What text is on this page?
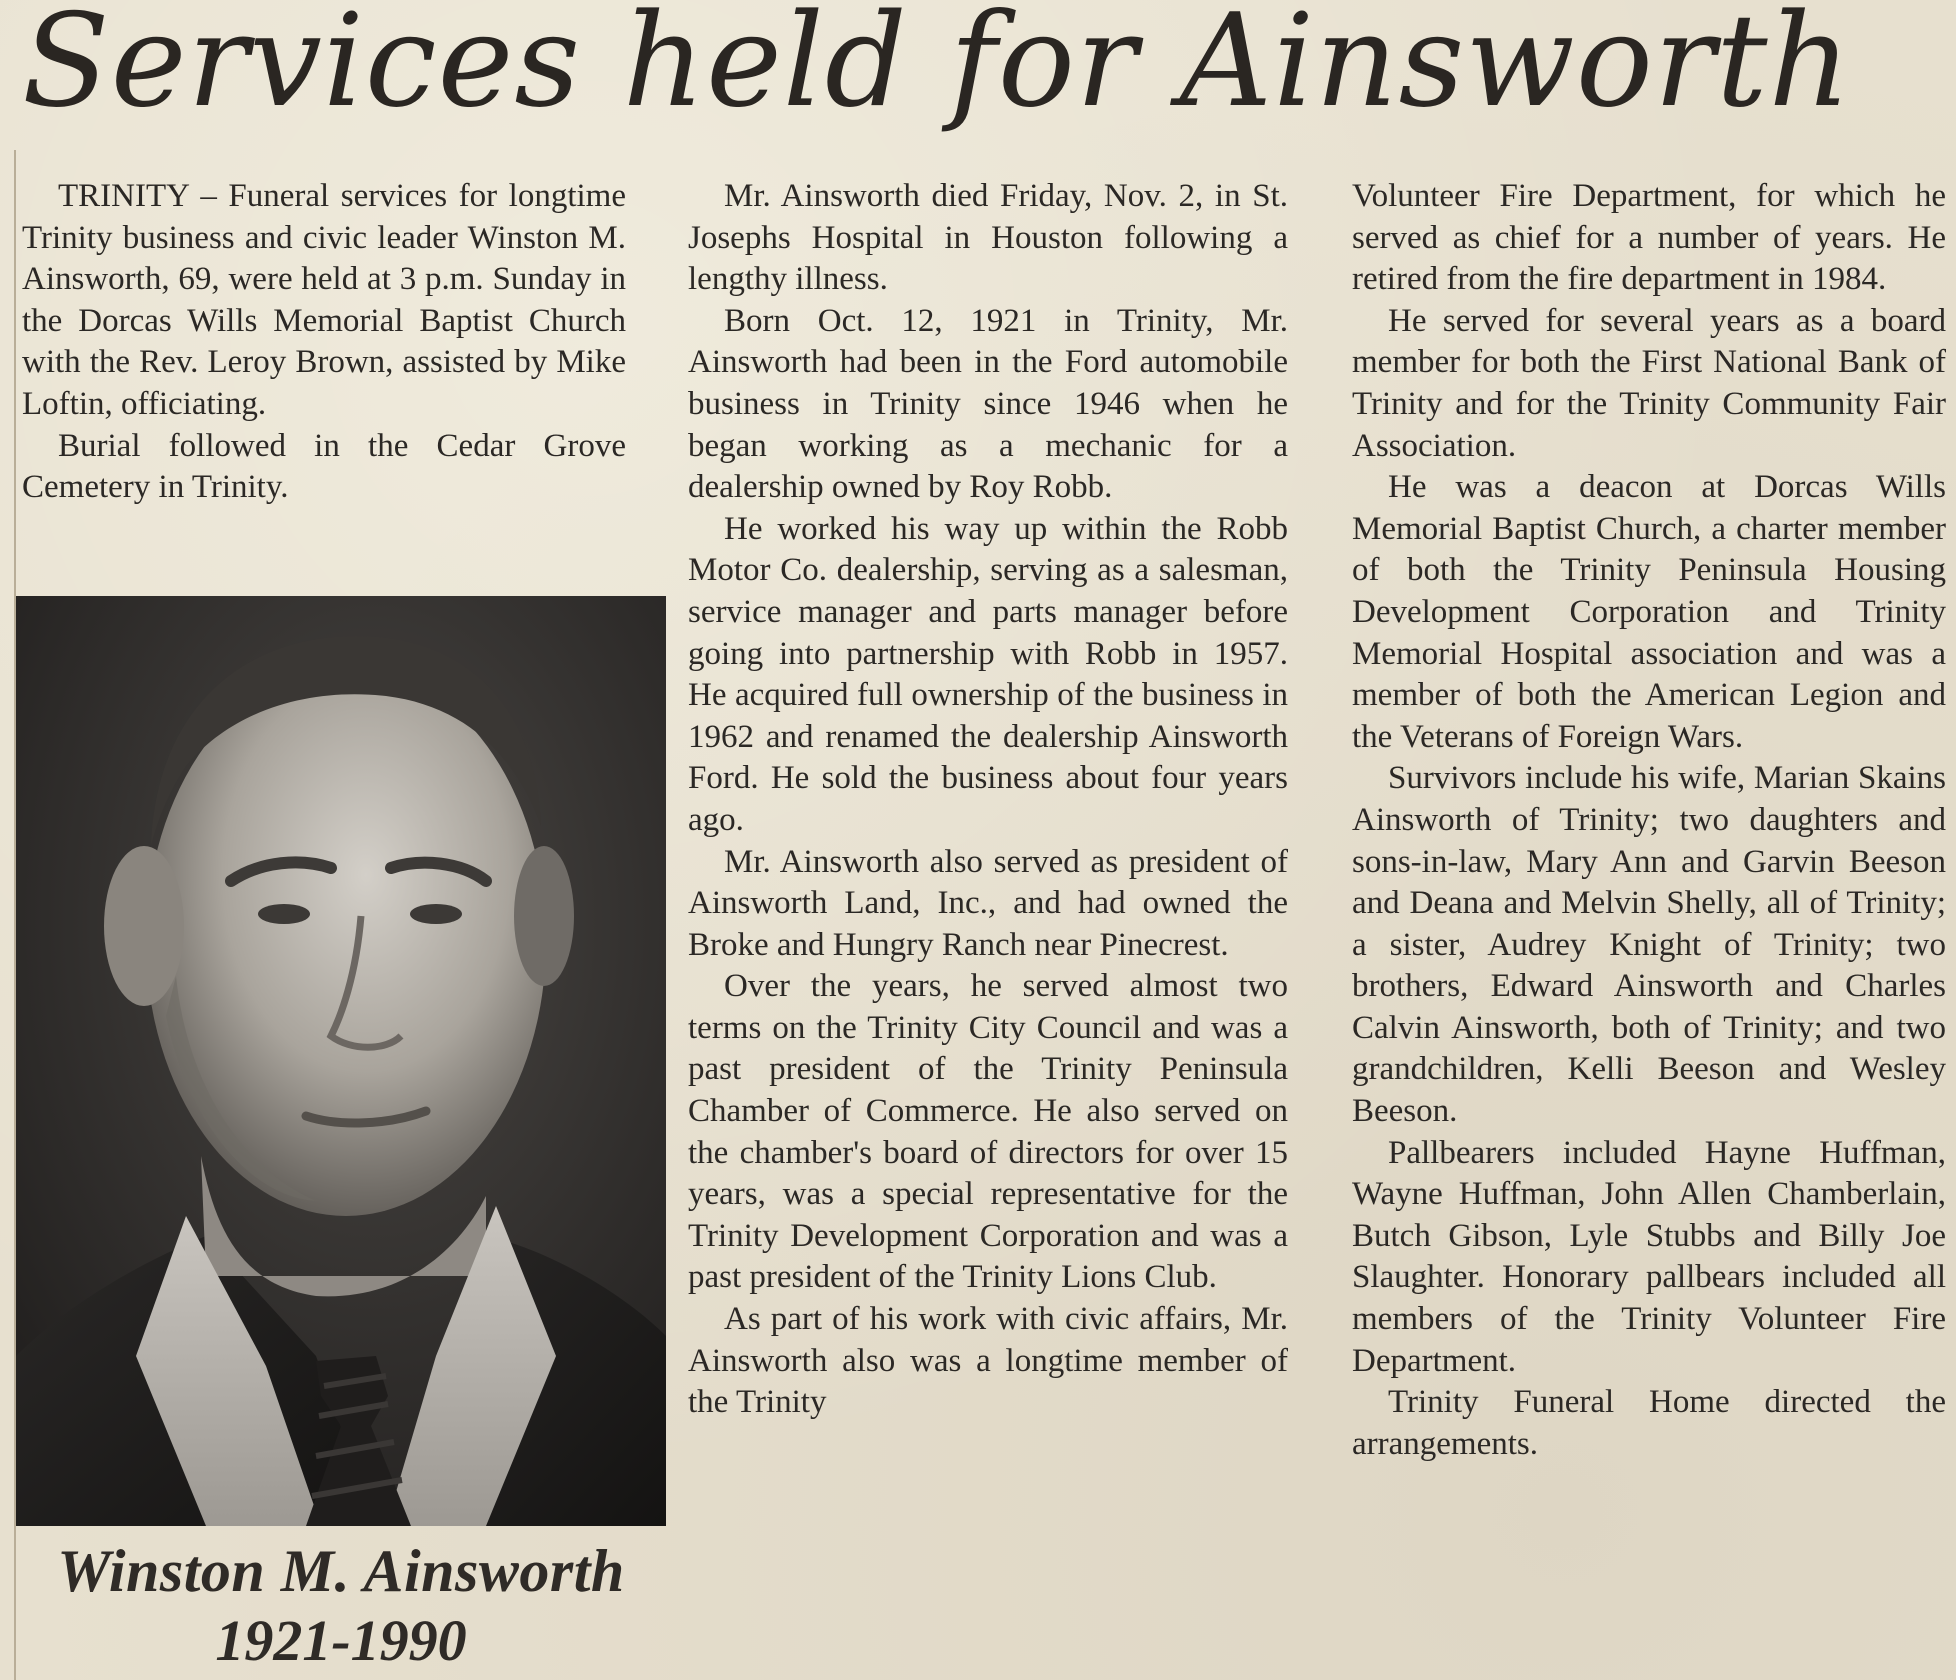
Services held for Ainsworth

TRINITY – Funeral services for longtime Trinity business and civic leader Winston M. Ainsworth, 69, were held at 3 p.m. Sunday in the Dorcas Wills Memorial Baptist Church with the Rev. Leroy Brown, assisted by Mike Loftin, officiating.

Burial followed in the Cedar Grove Cemetery in Trinity.

Winston M. Ainsworth
1921-1990

Mr. Ainsworth died Friday, Nov. 2, in St. Josephs Hospital in Houston following a lengthy illness.

Born Oct. 12, 1921 in Trinity, Mr. Ainsworth had been in the Ford automobile business in Trinity since 1946 when he began working as a mechanic for a dealership owned by Roy Robb.

He worked his way up within the Robb Motor Co. dealership, serving as a salesman, service manager and parts manager before going into partnership with Robb in 1957. He acquired full ownership of the business in 1962 and renamed the dealership Ainsworth Ford. He sold the business about four years ago.

Mr. Ainsworth also served as president of Ainsworth Land, Inc., and had owned the Broke and Hungry Ranch near Pinecrest.

Over the years, he served almost two terms on the Trinity City Council and was a past president of the Trinity Peninsula Chamber of Commerce. He also served on the chamber's board of directors for over 15 years, was a special representative for the Trinity Development Corporation and was a past president of the Trinity Lions Club.

As part of his work with civic affairs, Mr. Ainsworth also was a longtime member of the Trinity

Volunteer Fire Department, for which he served as chief for a number of years. He retired from the fire department in 1984.

He served for several years as a board member for both the First National Bank of Trinity and for the Trinity Community Fair Association.

He was a deacon at Dorcas Wills Memorial Baptist Church, a charter member of both the Trinity Peninsula Housing Development Corporation and Trinity Memorial Hospital association and was a member of both the American Legion and the Veterans of Foreign Wars.

Survivors include his wife, Marian Skains Ainsworth of Trinity; two daughters and sons-in-law, Mary Ann and Garvin Beeson and Deana and Melvin Shelly, all of Trinity; a sister, Audrey Knight of Trinity; two brothers, Edward Ainsworth and Charles Calvin Ainsworth, both of Trinity; and two grandchildren, Kelli Beeson and Wesley Beeson.

Pallbearers included Hayne Huffman, Wayne Huffman, John Allen Chamberlain, Butch Gibson, Lyle Stubbs and Billy Joe Slaughter. Honorary pallbears included all members of the Trinity Volunteer Fire Department.

Trinity Funeral Home directed the arrangements.
